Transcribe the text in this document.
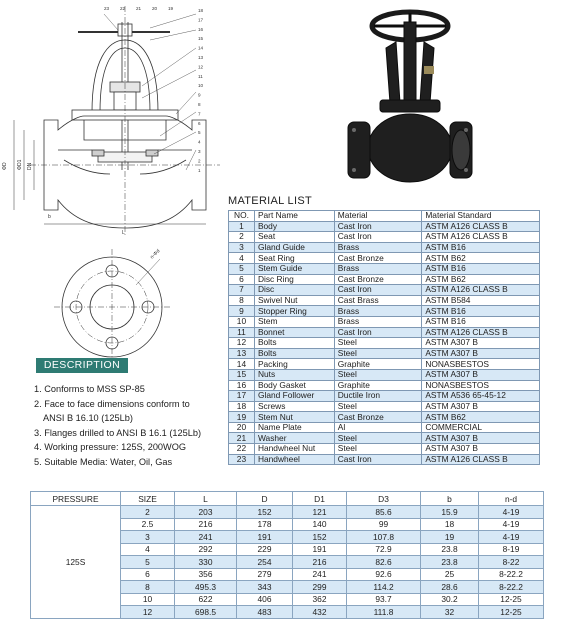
ΦD ΦD1 DN
L
b
23 22 21 20 19	18
17
16
15
14
13
12
11
10
9
8
7
6
5
4
3
2
1
n-Φd
MATERIAL LIST
NO.	Part Name	Material	Material Standard
1	Body	Cast Iron	ASTM A126 CLASS B
2	Seat	Cast Iron	ASTM A126 CLASS B
3	Gland Guide	Brass	ASTM B16
4	Seat Ring	Cast Bronze	ASTM B62
5	Stem Guide	Brass	ASTM B16
6	Disc Ring	Cast Bronze	ASTM B62
7	Disc	Cast Iron	ASTM A126 CLASS B
8	Swivel Nut	Cast Brass	ASTM B584
9	Stopper Ring	Brass	ASTM B16
10	Stem	Brass	ASTM B16
11	Bonnet	Cast Iron	ASTM A126 CLASS B
12	Bolts	Steel	ASTM A307 B
13	Bolts	Steel	ASTM A307 B
14	Packing	Graphite	NONASBESTOS
15	Nuts	Steel	ASTM A307 B
16	Body Gasket	Graphite	NONASBESTOS
17	Gland Follower	Ductile Iron	ASTM A536 65-45-12
18	Screws	Steel	ASTM A307 B
19	Stem Nut	Cast Bronze	ASTM B62
20	Name Plate	Al	COMMERCIAL
21	Washer	Steel	ASTM A307 B
22	Handwheel Nut	Steel	ASTM A307 B
23	Handwheel	Cast Iron	ASTM A126 CLASS B
DESCRIPTION
1. Conforms to MSS SP-85
2. Face to face dimensions conform to
ANSI B 16.10 (125Lb)
3. Flanges drilled to ANSI B 16.1 (125Lb)
4. Working pressure: 125S, 200WOG
5. Suitable Media: Water, Oil, Gas
PRESSURE	SIZE	L	D	D1	D3	b	n-d
125S	2	203	152	121	85.6	15.9	4-19
	2.5	216	178	140	99	18	4-19
	3	241	191	152	107.8	19	4-19
	4	292	229	191	72.9	23.8	8-19
	5	330	254	216	82.6	23.8	8-22
	6	356	279	241	92.6	25	8-22.2
	8	495.3	343	299	114.2	28.6	8-22.2
	10	622	406	362	93.7	30.2	12-25
	12	698.5	483	432	111.8	32	12-25
